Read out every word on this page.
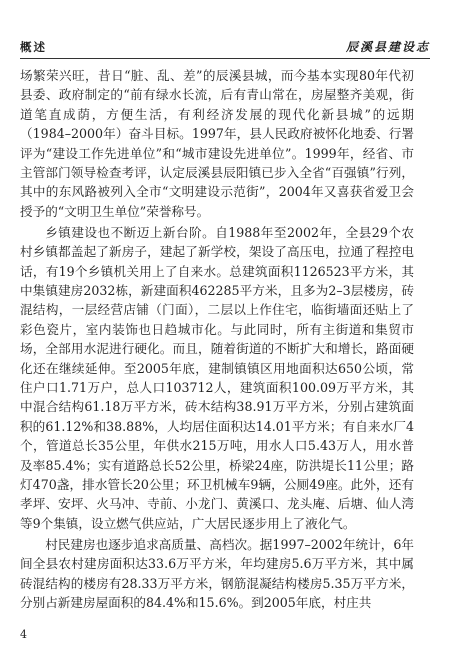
概述	辰溪县建设志

场繁荣兴旺，昔日“脏、乱、差”的辰溪县城，而今基本实现80年代初县委、政府制定的“前有绿水长流，后有青山常在，房屋整齐美观，街道笔直成荫，方便生活，有利经济发展的现代化新县城”的远期（1984–2000年）奋斗目标。1997年，县人民政府被怀化地委、行署评为“建设工作先进单位”和“城市建设先进单位”。1999年，经省、市主管部门领导检查考评，认定辰溪县辰阳镇已步入全省“百强镇”行列，其中的东风路被列入全市“文明建设示范街”，2004年又喜获省爱卫会授予的“文明卫生单位”荣誉称号。

乡镇建设也不断迈上新台阶。自1988年至2002年，全县29个农村乡镇都盖起了新房子，建起了新学校，架设了高压电，拉通了程控电话，有19个乡镇机关用上了自来水。总建筑面积1126523平方米，其中集镇建房2032栋，新建面积462285平方米，且多为2–3层楼房，砖混结构，一层经营店铺（门面），二层以上作住宅，临街墙面还贴上了彩色瓷片，室内装饰也日趋城市化。与此同时，所有主街道和集贸市场，全部用水泥进行硬化。而且，随着街道的不断扩大和增长，路面硬化还在继续延伸。至2005年底，建制镇镇区用地面积达650公顷，常住户口1.71万户，总人口103712人，建筑面积100.09万平方米，其中混合结构61.18万平方米，砖木结构38.91万平方米，分别占建筑面积的61.12%和38.88%，人均居住面积达14.01平方米；有自来水厂4个，管道总长35公里，年供水215万吨，用水人口5.43万人，用水普及率85.4%；实有道路总长52公里，桥梁24座，防洪堤长11公里；路灯470盏，排水管长20公里；环卫机械车9辆，公厕49座。此外，还有孝坪、安坪、火马冲、寺前、小龙门、黄溪口、龙头庵、后塘、仙人湾等9个集镇，设立燃气供应站，广大居民逐步用上了液化气。

村民建房也逐步追求高质量、高档次。据1997–2002年统计，6年间全县农村建房面积达33.6万平方米，年均建房5.6万平方米，其中属砖混结构的楼房有28.33万平方米，钢筋混凝结构楼房5.35万平方米，分别占新建房屋面积的84.4%和15.6%。到2005年底，村庄共

4
